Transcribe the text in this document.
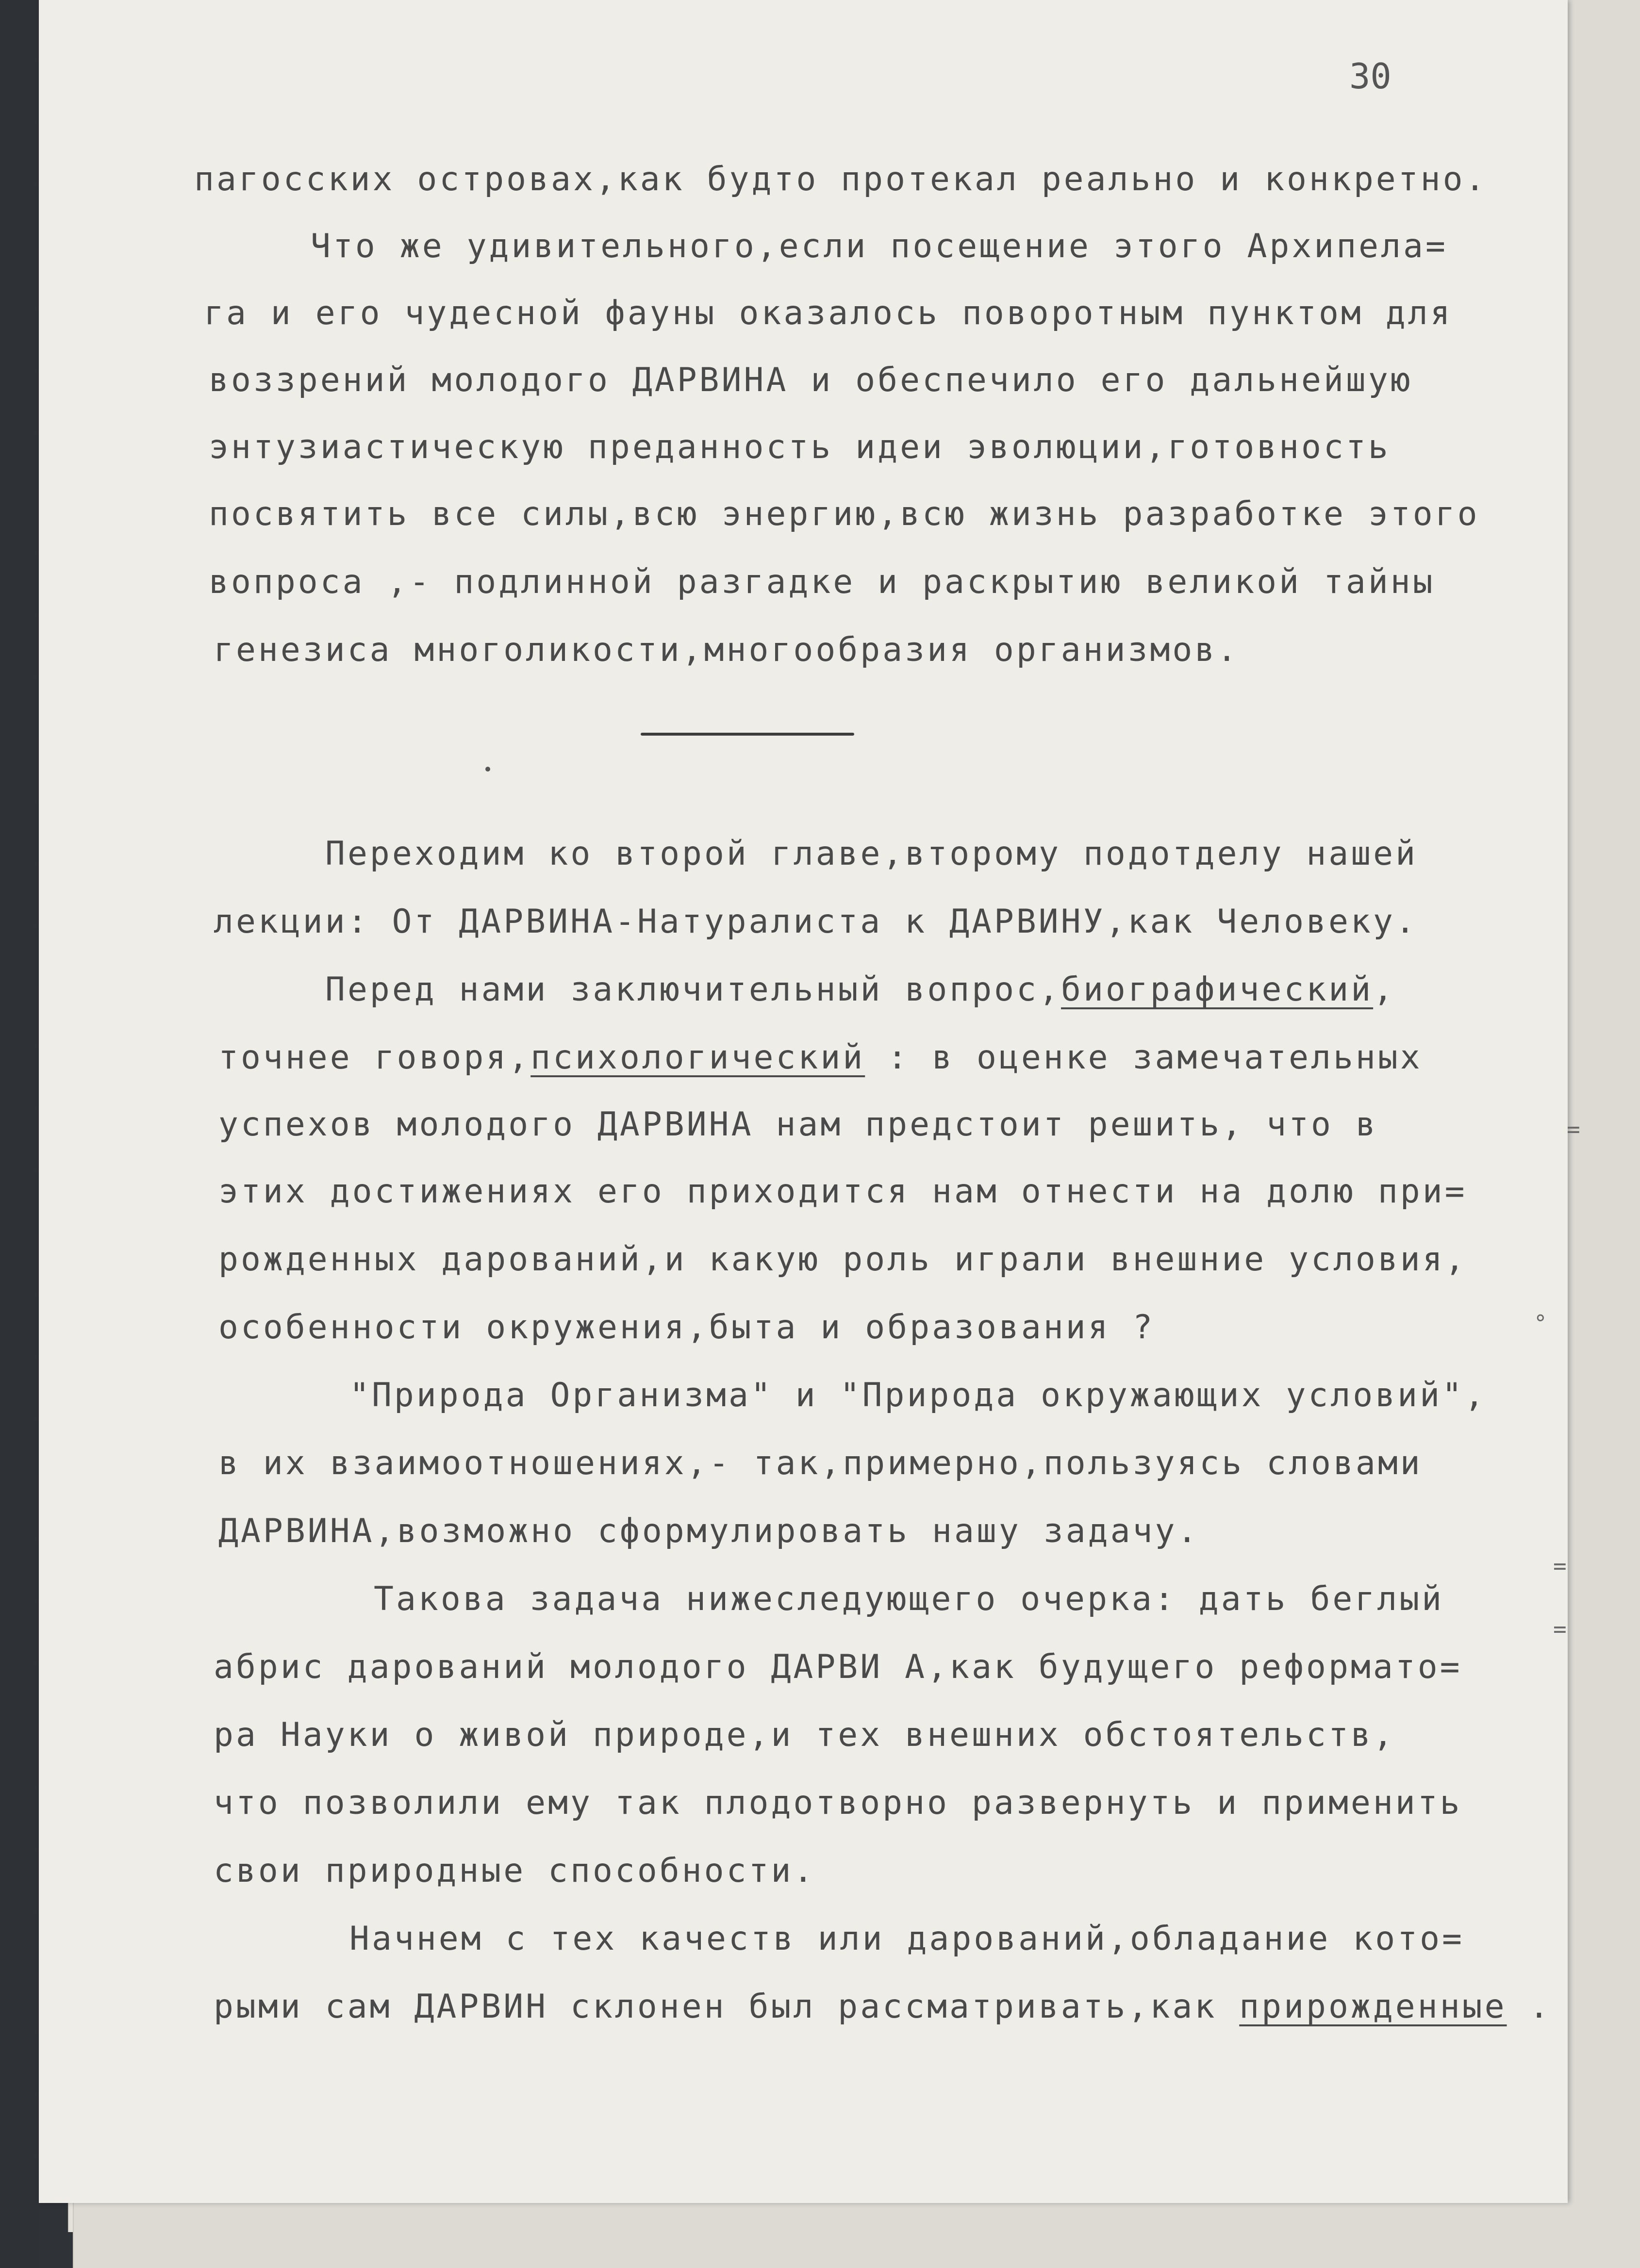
30
пагосских островах,как будто протекал реально и конкретно.
Что же удивительного,если посещение этого Архипела=
га и его чудесной фауны оказалось поворотным пунктом для
воззрений молодого ДАРВИНА и обеспечило его дальнейшую
энтузиастическую преданность идеи эволюции,готовность
посвятить все силы,всю энергию,всю жизнь разработке этого
вопроса ,- подлинной разгадке и раскрытию великой тайны
генезиса многоликости,многообразия организмов.
Переходим ко второй главе,второму подотделу нашей
лекции: От ДАРВИНА-Натуралиста к ДАРВИНУ,как Человеку.
Перед нами заключительный вопрос,биографический,
точнее говоря,психологический : в оценке замечательных
успехов молодого ДАРВИНА нам предстоит решить, что в
этих достижениях его приходится нам отнести на долю при=
рожденных дарований,и какую роль играли внешние условия,
особенности окружения,быта и образования ?
"Природа Организма" и "Природа окружающих условий",
в их взаимоотношениях,- так,примерно,пользуясь словами
ДАРВИНА,возможно сформулировать нашу задачу.
Такова задача нижеследующего очерка: дать беглый
абрис дарований молодого ДАРВИ А,как будущего реформато=
ра Науки о живой природе,и тех внешних обстоятельств,
что позволили ему так плодотворно развернуть и применить
свои природные способности.
Начнем с тех качеств или дарований,обладание кото=
рыми сам ДАРВИН склонен был рассматривать,как прирожденные .
=
=
=
°
